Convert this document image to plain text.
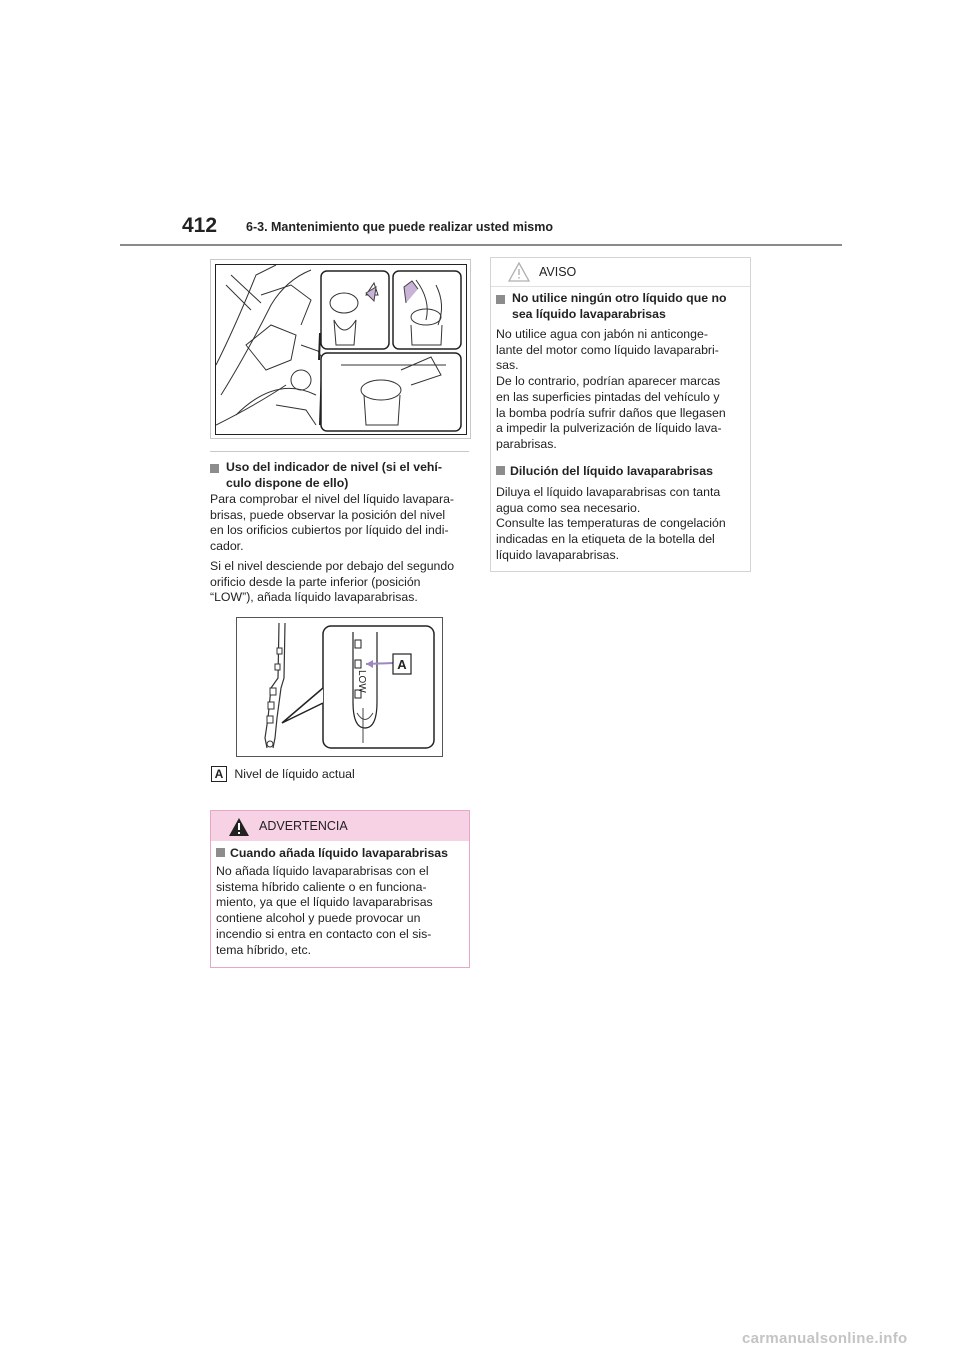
412 6-3. Mantenimiento que puede realizar usted mismo
Uso del indicador de nivel (si el vehí-
culo dispone de ello)
Para comprobar el nivel del líquido lavapara-
brisas, puede observar la posición del nivel
en los orificios cubiertos por líquido del indi-
cador.
Si el nivel desciende por debajo del segundo
orificio desde la parte inferior (posición
“LOW”), añada líquido lavaparabrisas.
LOW
A
A Nivel de líquido actual
ADVERTENCIA
Cuando añada líquido lavaparabrisas
No añada líquido lavaparabrisas con el
sistema híbrido caliente o en funciona-
miento, ya que el líquido lavaparabrisas
contiene alcohol y puede provocar un
incendio si entra en contacto con el sis-
tema híbrido, etc.
AVISO
No utilice ningún otro líquido que no
sea líquido lavaparabrisas
No utilice agua con jabón ni anticonge-
lante del motor como líquido lavaparabri-
sas.
De lo contrario, podrían aparecer marcas
en las superficies pintadas del vehículo y
la bomba podría sufrir daños que llegasen
a impedir la pulverización de líquido lava-
parabrisas.
Dilución del líquido lavaparabrisas
Diluya el líquido lavaparabrisas con tanta
agua como sea necesario.
Consulte las temperaturas de congelación
indicadas en la etiqueta de la botella del
líquido lavaparabrisas.
carmanualsonline.info
